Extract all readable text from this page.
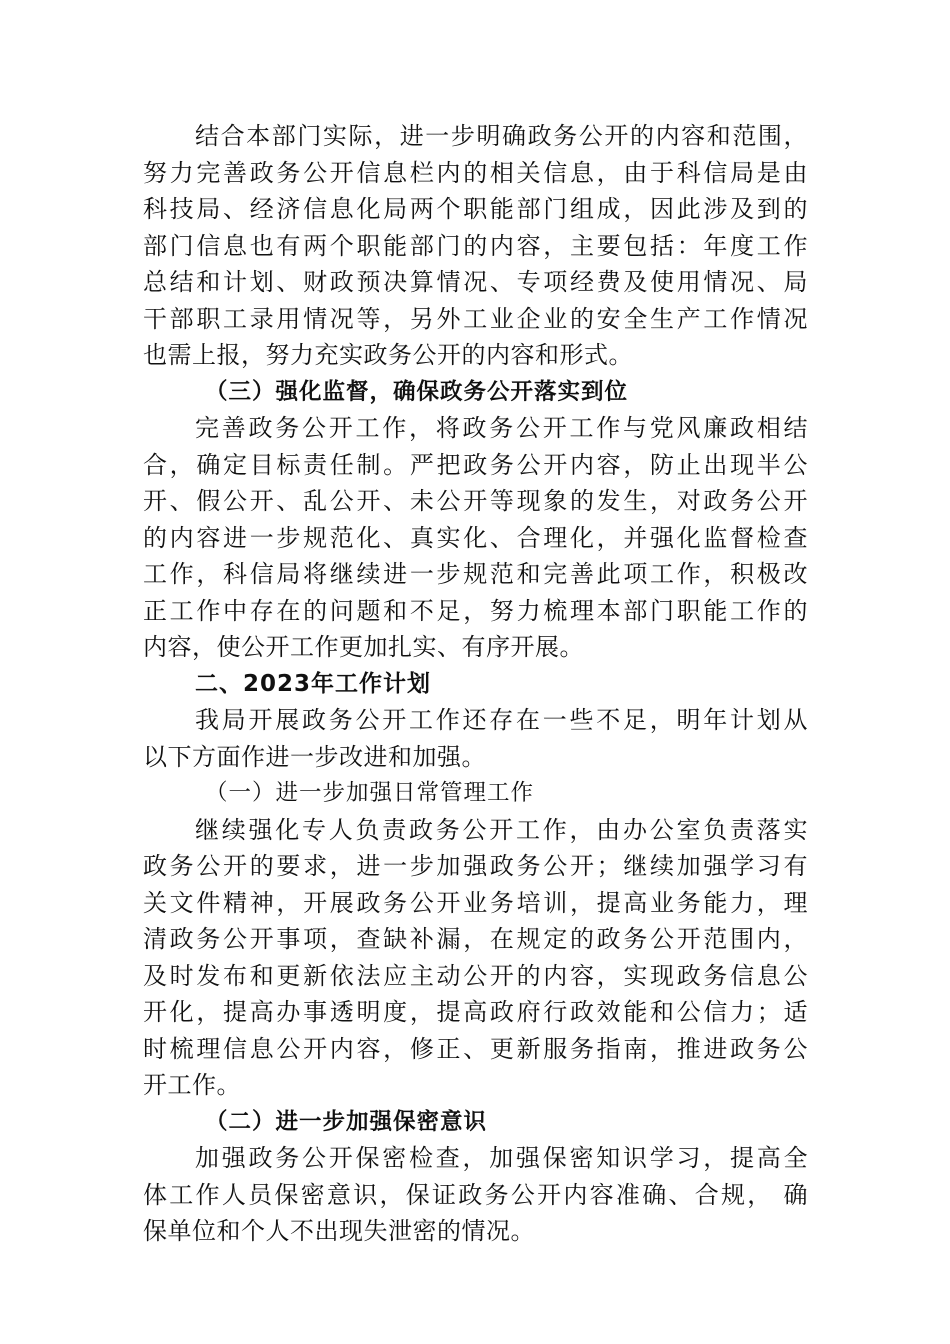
结合本部门实际，进一步明确政务公开的内容和范围，
努力完善政务公开信息栏内的相关信息，由于科信局是由
科技局、经济信息化局两个职能部门组成，因此涉及到的
部门信息也有两个职能部门的内容，主要包括：年度工作
总结和计划、财政预决算情况、专项经费及使用情况、局
干部职工录用情况等，另外工业企业的安全生产工作情况
也需上报，努力充实政务公开的内容和形式。
（三）强化监督，确保政务公开落实到位
完善政务公开工作，将政务公开工作与党风廉政相结
合，确定目标责任制。严把政务公开内容，防止出现半公
开、假公开、乱公开、未公开等现象的发生，对政务公开
的内容进一步规范化、真实化、合理化，并强化监督检查
工作，科信局将继续进一步规范和完善此项工作，积极改
正工作中存在的问题和不足，努力梳理本部门职能工作的
内容，使公开工作更加扎实、有序开展。
二、2023年工作计划
我局开展政务公开工作还存在一些不足，明年计划从
以下方面作进一步改进和加强。
（一）进一步加强日常管理工作
继续强化专人负责政务公开工作，由办公室负责落实
政务公开的要求，进一步加强政务公开；继续加强学习有
关文件精神，开展政务公开业务培训，提高业务能力，理
清政务公开事项，查缺补漏，在规定的政务公开范围内，
及时发布和更新依法应主动公开的内容，实现政务信息公
开化，提高办事透明度，提高政府行政效能和公信力；适
时梳理信息公开内容，修正、更新服务指南，推进政务公
开工作。
（二）进一步加强保密意识
加强政务公开保密检查，加强保密知识学习，提高全
体工作人员保密意识，保证政务公开内容准确、合规， 确
保单位和个人不出现失泄密的情况。
